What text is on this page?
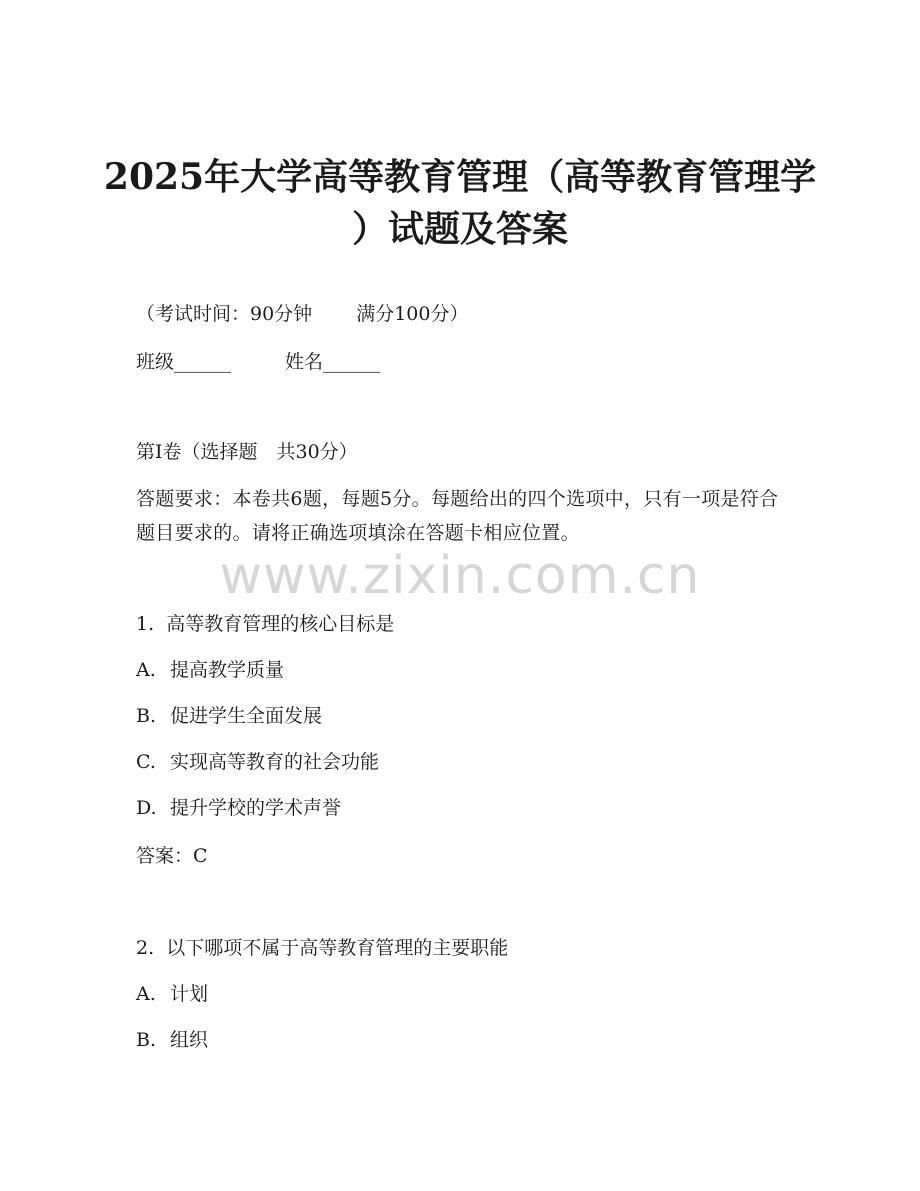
2025年大学高等教育管理（高等教育管理学
）试题及答案

（考试时间：90分钟 满分100分）

班级______	姓名______

第Ⅰ卷（选择题　共30分）

答题要求：本卷共6题，每题5分。每题给出的四个选项中，只有一项是符合题目要求的。请将正确选项填涂在答题卡相应位置。

www.zixin.com.cn

1.  高等教育管理的核心目标是

A. 提高教学质量

B. 促进学生全面发展

C. 实现高等教育的社会功能

D. 提升学校的学术声誉

答案：C

2.  以下哪项不属于高等教育管理的主要职能

A. 计划

B. 组织
